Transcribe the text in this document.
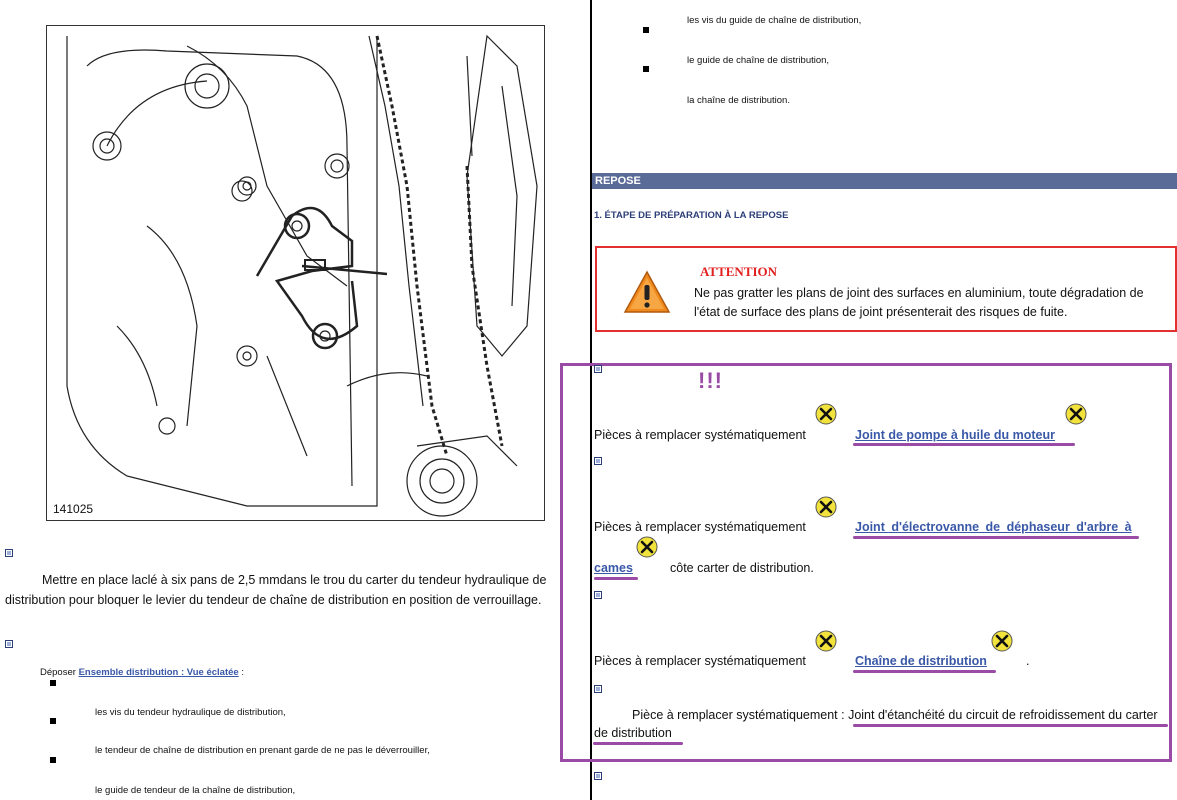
141025
Mettre en place laclé à six pans de 2,5 mmdans le trou du carter du tendeur hydraulique de
distribution pour bloquer le levier du tendeur de chaîne de distribution en position de verrouillage.
Déposer Ensemble distribution : Vue éclatée :
les vis du tendeur hydraulique de distribution,
le tendeur de chaîne de distribution en prenant garde de ne pas le déverrouiller,
le guide de tendeur de la chaîne de distribution,
les vis du guide de chaîne de distribution,
le guide de chaîne de distribution,
la chaîne de distribution.
REPOSE
1. ÉTAPE DE PRÉPARATION À LA REPOSE
ATTENTION
Ne pas gratter les plans de joint des surfaces en aluminium, toute dégradation de l'état de surface des plans de joint présenterait des risques de fuite.
!!!
Pièces à remplacer systématiquement	Joint de pompe à huile du moteur
Pièces à remplacer systématiquement	Joint d'électrovanne de déphaseur d'arbre à
cames	côte carter de distribution.
Pièces à remplacer systématiquement	Chaîne de distribution	.
Pièce à remplacer systématiquement : Joint d'étanchéité du circuit de refroidissement du carter
de distribution
